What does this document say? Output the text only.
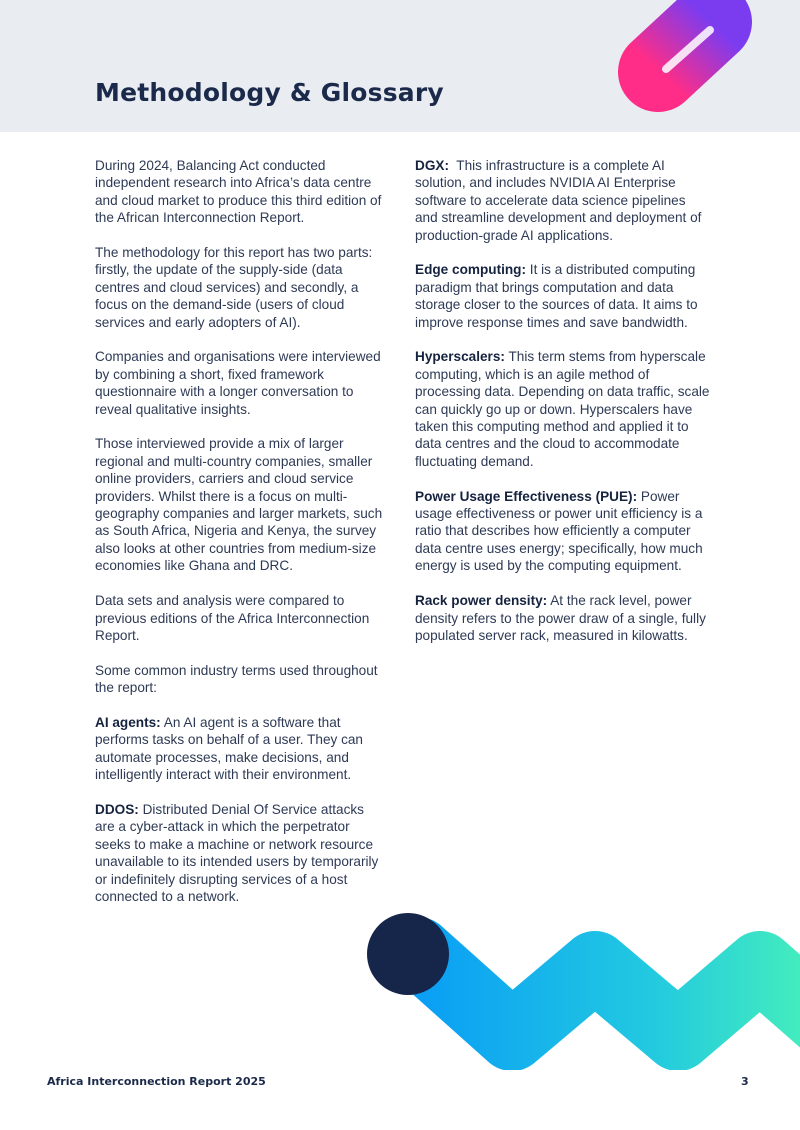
Methodology & Glossary

During 2024, Balancing Act conducted independent research into Africa’s data centre and cloud market to produce this third edition of the African Interconnection Report.

The methodology for this report has two parts: firstly, the update of the supply-side (data centres and cloud services) and secondly, a focus on the demand-side (users of cloud services and early adopters of AI).

Companies and organisations were interviewed by combining a short, fixed framework questionnaire with a longer conversation to reveal qualitative insights.

Those interviewed provide a mix of larger regional and multi-country companies, smaller online providers, carriers and cloud service providers. Whilst there is a focus on multi-geography companies and larger markets, such as South Africa, Nigeria and Kenya, the survey also looks at other countries from medium-size economies like Ghana and DRC.

Data sets and analysis were compared to previous editions of the Africa Interconnection Report.

Some common industry terms used throughout the report:

AI agents: An AI agent is a software that performs tasks on behalf of a user. They can automate processes, make decisions, and intelligently interact with their environment.

DDOS: Distributed Denial Of Service attacks are a cyber-attack in which the perpetrator seeks to make a machine or network resource unavailable to its intended users by temporarily or indefinitely disrupting services of a host connected to a network.

DGX: This infrastructure is a complete AI solution, and includes NVIDIA AI Enterprise software to accelerate data science pipelines and streamline development and deployment of production-grade AI applications.

Edge computing: It is a distributed computing paradigm that brings computation and data storage closer to the sources of data. It aims to improve response times and save bandwidth.

Hyperscalers: This term stems from hyperscale computing, which is an agile method of processing data. Depending on data traffic, scale can quickly go up or down. Hyperscalers have taken this computing method and applied it to data centres and the cloud to accommodate fluctuating demand.

Power Usage Effectiveness (PUE): Power usage effectiveness or power unit efficiency is a ratio that describes how efficiently a computer data centre uses energy; specifically, how much energy is used by the computing equipment.

Rack power density: At the rack level, power density refers to the power draw of a single, fully populated server rack, measured in kilowatts.

Africa Interconnection Report 2025	3
